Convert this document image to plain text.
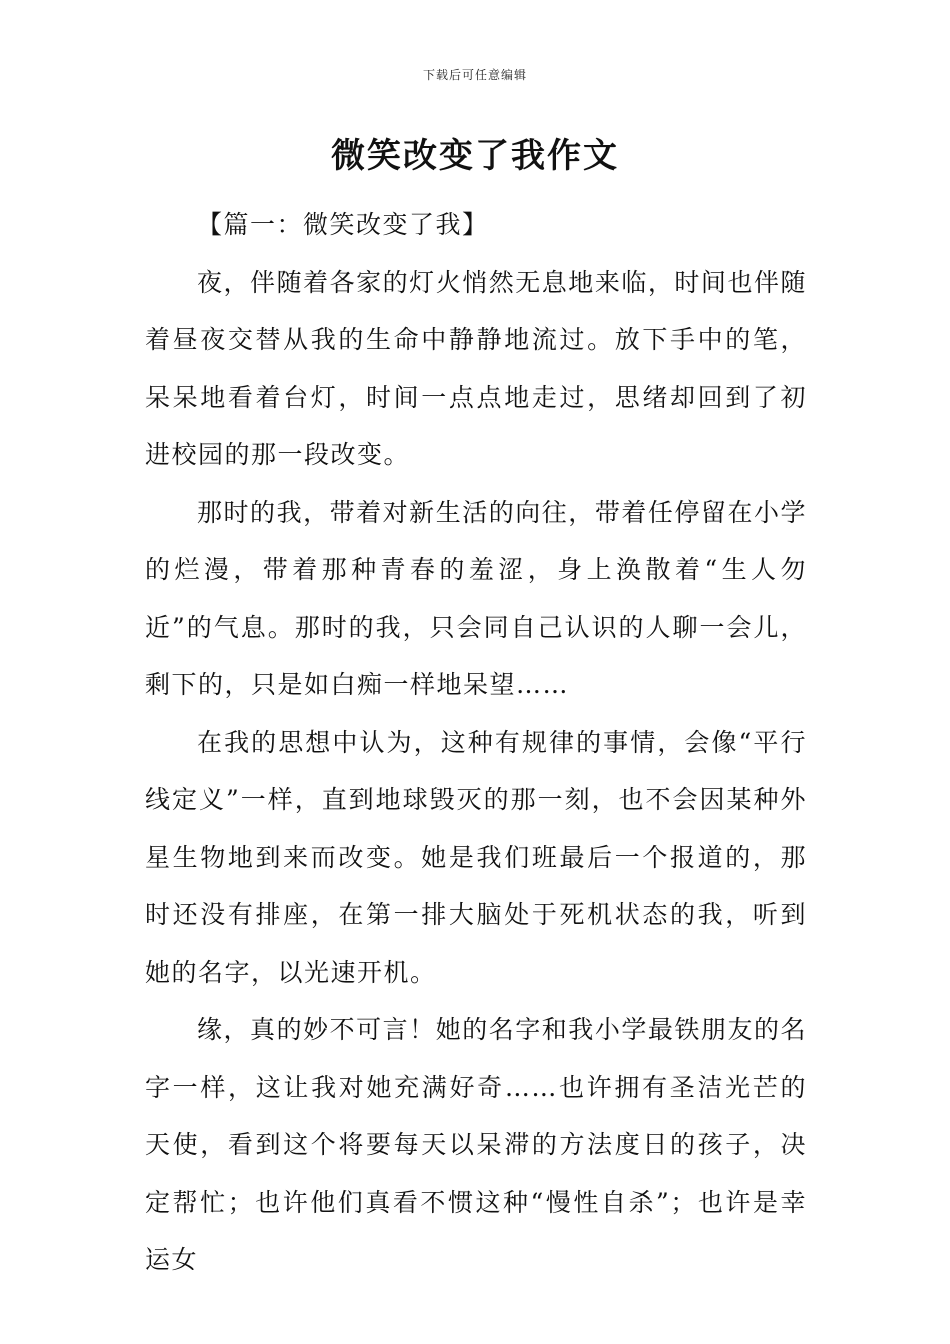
下载后可任意编辑
微笑改变了我作文

【篇一：微笑改变了我】

夜，伴随着各家的灯火悄然无息地来临，时间也伴随着昼夜交替从我的生命中静静地流过。放下手中的笔，呆呆地看着台灯，时间一点点地走过，思绪却回到了初进校园的那一段改变。

那时的我，带着对新生活的向往，带着任停留在小学的烂漫，带着那种青春的羞涩，身上涣散着“生人勿近”的气息。那时的我，只会同自己认识的人聊一会儿，剩下的，只是如白痴一样地呆望……

在我的思想中认为，这种有规律的事情，会像“平行线定义”一样，直到地球毁灭的那一刻，也不会因某种外星生物地到来而改变。她是我们班最后一个报道的，那时还没有排座，在第一排大脑处于死机状态的我，听到她的名字，以光速开机。

缘，真的妙不可言！她的名字和我小学最铁朋友的名字一样，这让我对她充满好奇……也许拥有圣洁光芒的天使，看到这个将要每天以呆滞的方法度日的孩子，决定帮忙；也许他们真看不惯这种“慢性自杀”；也许是幸运女
